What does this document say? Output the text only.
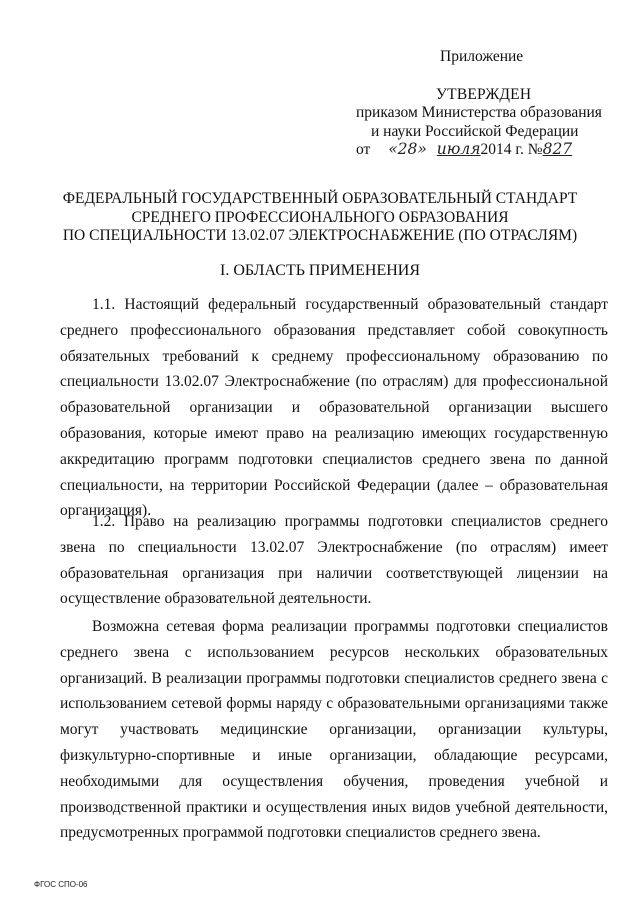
Приложение
УТВЕРЖДЕН
приказом Министерства образования
и науки Российской Федерации
от «28» июля2014 г. №827
ФЕДЕРАЛЬНЫЙ ГОСУДАРСТВЕННЫЙ ОБРАЗОВАТЕЛЬНЫЙ СТАНДАРТ
СРЕДНЕГО ПРОФЕССИОНАЛЬНОГО ОБРАЗОВАНИЯ
ПО СПЕЦИАЛЬНОСТИ 13.02.07 ЭЛЕКТРОСНАБЖЕНИЕ (ПО ОТРАСЛЯМ)
I. ОБЛАСТЬ ПРИМЕНЕНИЯ

1.1. Настоящий федеральный государственный образовательный стандарт среднего профессионального образования представляет собой совокупность обязательных требований к среднему профессиональному образованию по специальности 13.02.07 Электроснабжение (по отраслям) для профессиональной образовательной организации и образовательной организации высшего образования, которые имеют право на реализацию имеющих государственную аккредитацию программ подготовки специалистов среднего звена по данной специальности, на территории Российской Федерации (далее – образовательная организация).

1.2. Право на реализацию программы подготовки специалистов среднего звена по специальности 13.02.07 Электроснабжение (по отраслям) имеет образовательная организация при наличии соответствующей лицензии на осуществление образовательной деятельности.

Возможна сетевая форма реализации программы подготовки специалистов среднего звена с использованием ресурсов нескольких образовательных организаций. В реализации программы подготовки специалистов среднего звена с использованием сетевой формы наряду с образовательными организациями также могут участвовать медицинские организации, организации культуры, физкультурно-спортивные и иные организации, обладающие ресурсами, необходимыми для осуществления обучения, проведения учебной и производственной практики и осуществления иных видов учебной деятельности, предусмотренных программой подготовки специалистов среднего звена.

ФГОС СПО-06
